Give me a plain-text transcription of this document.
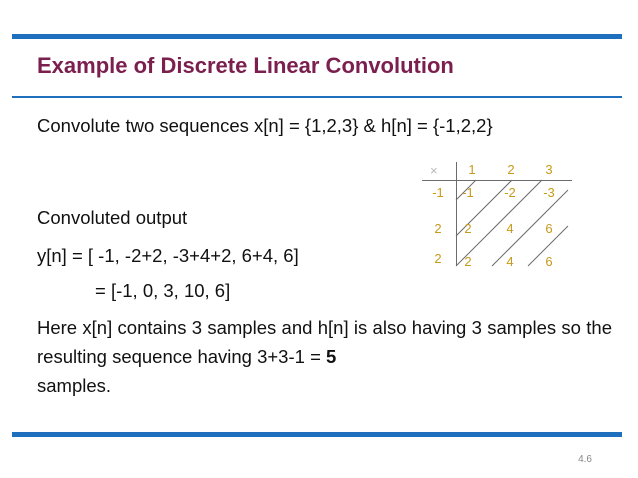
Example of Discrete Linear Convolution
Convolute two sequences x[n] = {1,2,3} & h[n] = {-1,2,2}
× 1 2 3
-1
2
2
-1 -2 -3
2	4 6
2	4 6
Convoluted output
y[n] = [ -1, -2+2, -3+4+2, 6+4, 6]
= [-1, 0, 3, 10, 6]
Here x[n] contains 3 samples and h[n] is also having 3 samples so the resulting sequence having 3+3-1 = 5
samples.
4.6
